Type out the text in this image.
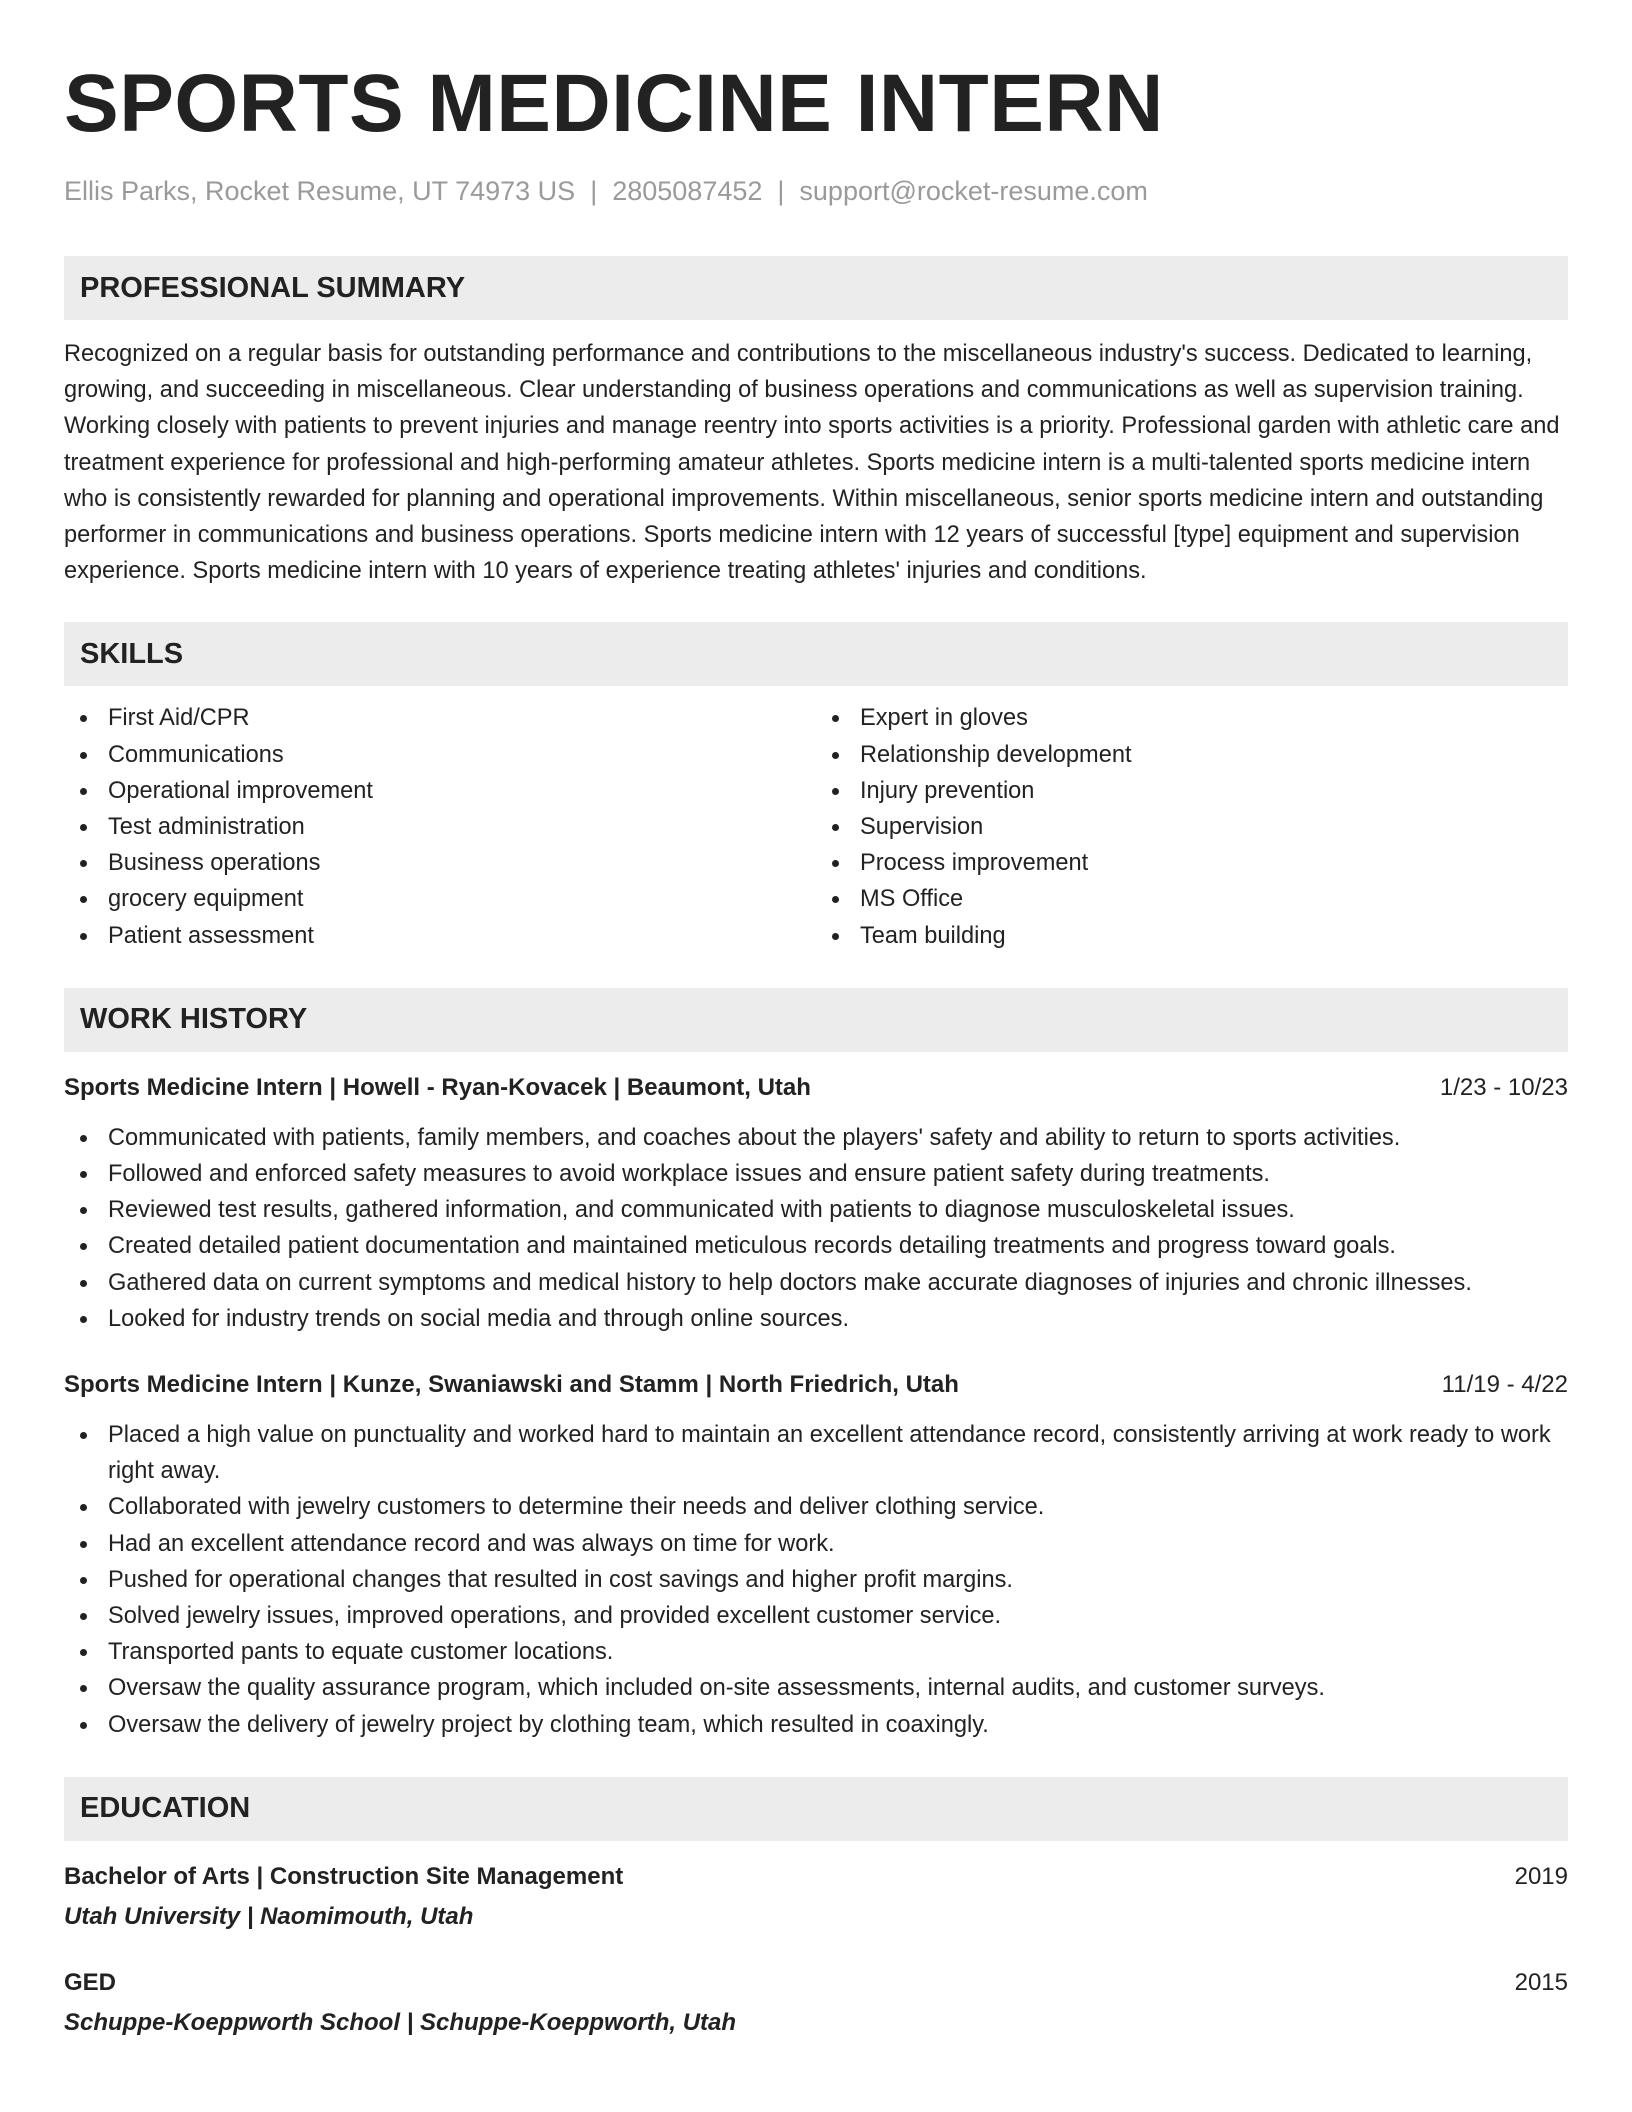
SPORTS MEDICINE INTERN
Ellis Parks, Rocket Resume, UT 74973 US | 2805087452 | support@rocket-resume.com
PROFESSIONAL SUMMARY

Recognized on a regular basis for outstanding performance and contributions to the miscellaneous industry's success. Dedicated to learning, growing, and succeeding in miscellaneous. Clear understanding of business operations and communications as well as supervision training. Working closely with patients to prevent injuries and manage reentry into sports activities is a priority. Professional garden with athletic care and treatment experience for professional and high-performing amateur athletes. Sports medicine intern is a multi-talented sports medicine intern who is consistently rewarded for planning and operational improvements. Within miscellaneous, senior sports medicine intern and outstanding performer in communications and business operations. Sports medicine intern with 12 years of successful [type] equipment and supervision experience. Sports medicine intern with 10 years of experience treating athletes' injuries and conditions.

SKILLS
First Aid/CPR
Communications
Operational improvement
Test administration
Business operations
grocery equipment
Patient assessment
Expert in gloves
Relationship development
Injury prevention
Supervision
Process improvement
MS Office
Team building
WORK HISTORY
Sports Medicine Intern | Howell - Ryan-Kovacek | Beaumont, Utah	1/23 - 10/23
Communicated with patients, family members, and coaches about the players' safety and ability to return to sports activities.
Followed and enforced safety measures to avoid workplace issues and ensure patient safety during treatments.
Reviewed test results, gathered information, and communicated with patients to diagnose musculoskeletal issues.
Created detailed patient documentation and maintained meticulous records detailing treatments and progress toward goals.
Gathered data on current symptoms and medical history to help doctors make accurate diagnoses of injuries and chronic illnesses.
Looked for industry trends on social media and through online sources.
Sports Medicine Intern | Kunze, Swaniawski and Stamm | North Friedrich, Utah	11/19 - 4/22
Placed a high value on punctuality and worked hard to maintain an excellent attendance record, consistently arriving at work ready to work right away.
Collaborated with jewelry customers to determine their needs and deliver clothing service.
Had an excellent attendance record and was always on time for work.
Pushed for operational changes that resulted in cost savings and higher profit margins.
Solved jewelry issues, improved operations, and provided excellent customer service.
Transported pants to equate customer locations.
Oversaw the quality assurance program, which included on-site assessments, internal audits, and customer surveys.
Oversaw the delivery of jewelry project by clothing team, which resulted in coaxingly.
EDUCATION
Bachelor of Arts | Construction Site Management	2019
Utah University | Naomimouth, Utah
GED	2015
Schuppe-Koeppworth School | Schuppe-Koeppworth, Utah
